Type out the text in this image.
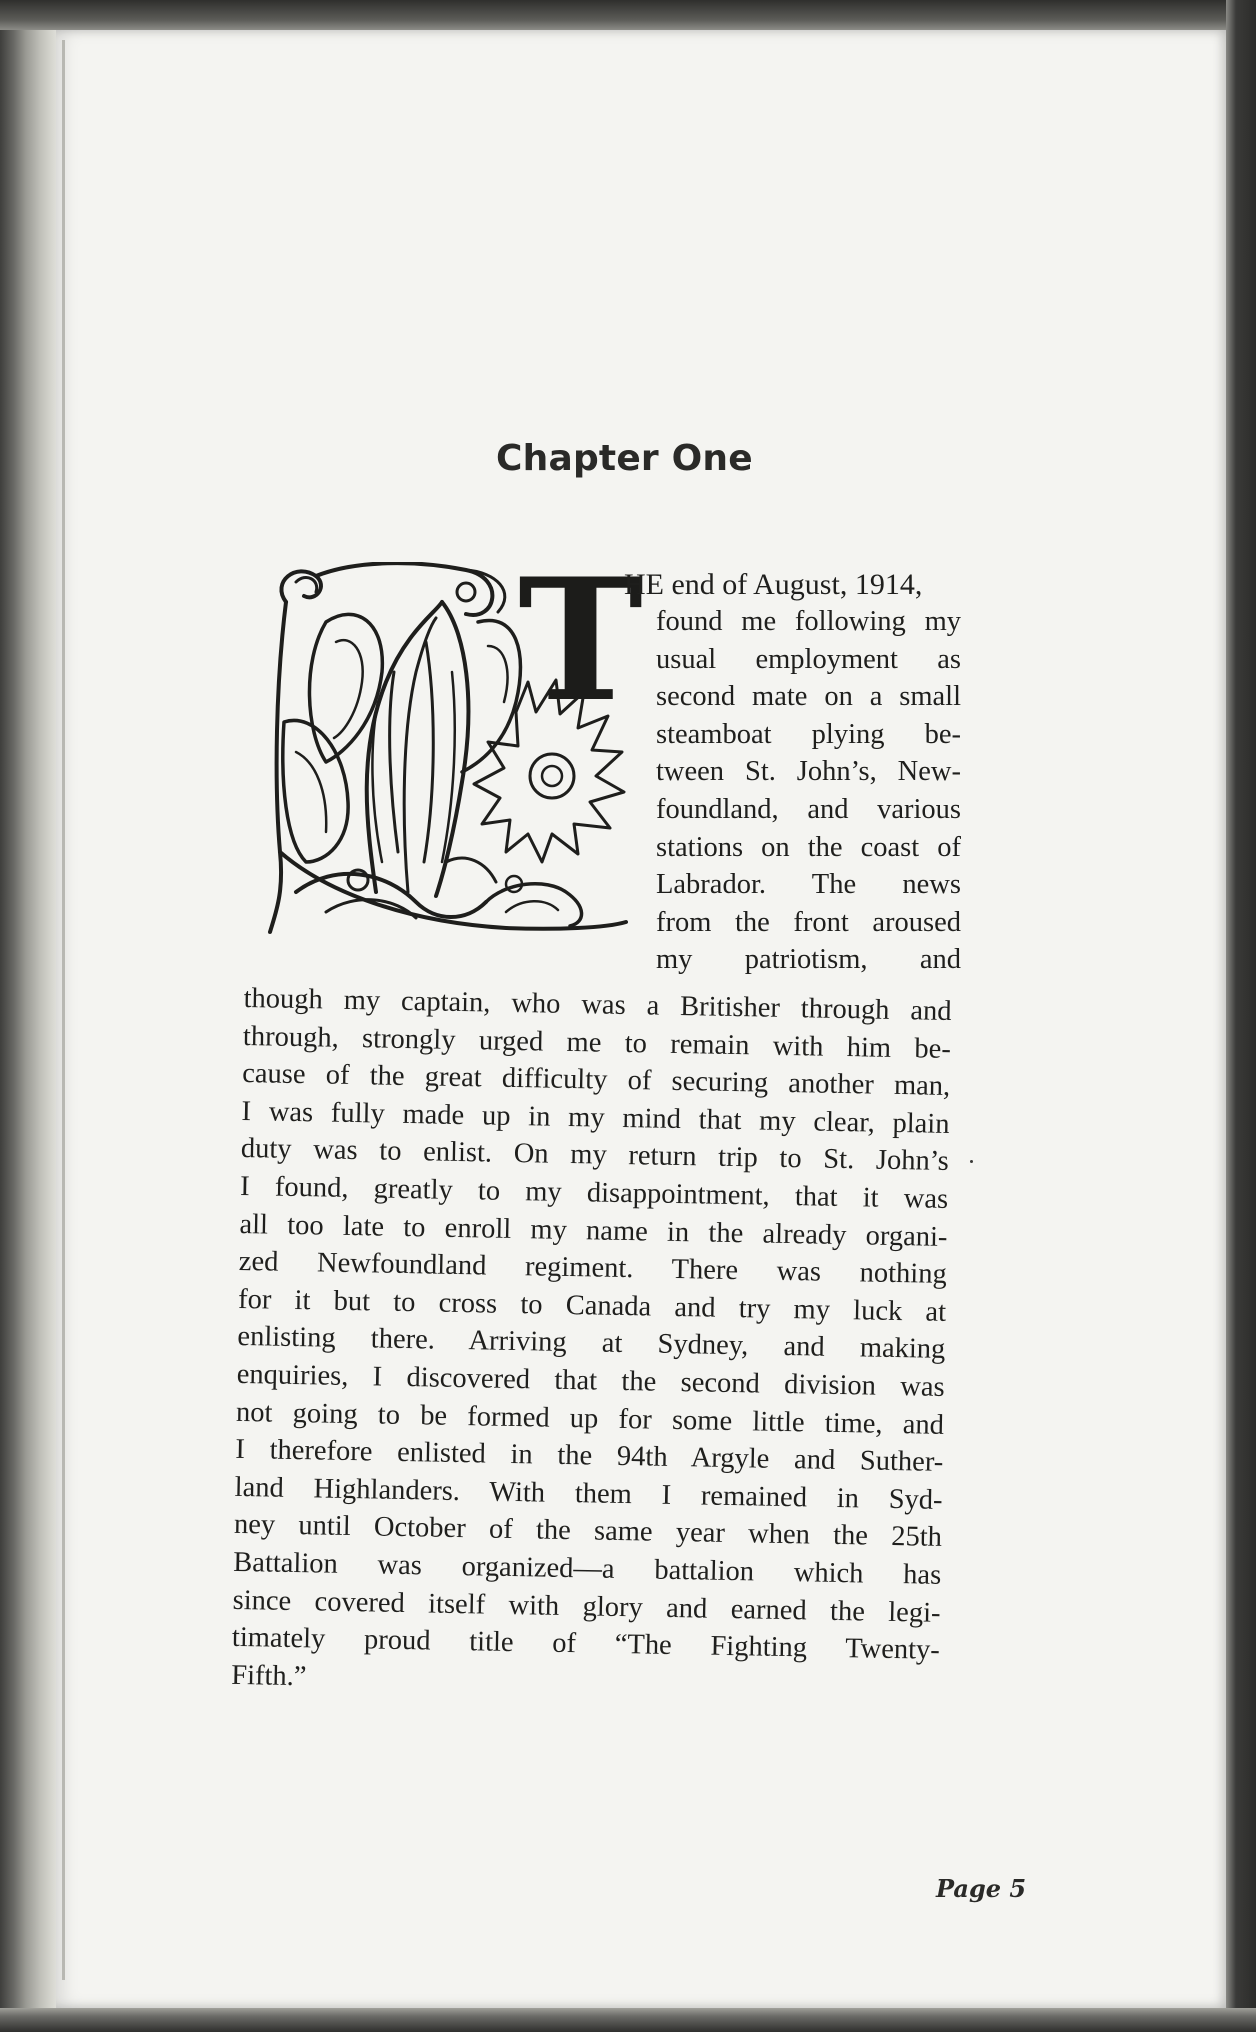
Chapter One
T
HE end of August, 1914,
found me following my
usual employment as
second mate on a small
steamboat plying be-
tween St. John’s, New-
foundland, and various
stations on the coast of
Labrador. The news
from the front aroused
my patriotism, and
though my captain, who was a Britisher through and
through, strongly urged me to remain with him be-
cause of the great difficulty of securing another man,
I was fully made up in my mind that my clear, plain
duty was to enlist. On my return trip to St. John’s
I found, greatly to my disappointment, that it was
all too late to enroll my name in the already organi-
zed Newfoundland regiment. There was nothing
for it but to cross to Canada and try my luck at
enlisting there. Arriving at Sydney, and making
enquiries, I discovered that the second division was
not going to be formed up for some little time, and
I therefore enlisted in the 94th Argyle and Suther-
land Highlanders. With them I remained in Syd-
ney until October of the same year when the 25th
Battalion was organized—a battalion which has
since covered itself with glory and earned the legi-
timately proud title of “The Fighting Twenty-
Fifth.”
Page 5
